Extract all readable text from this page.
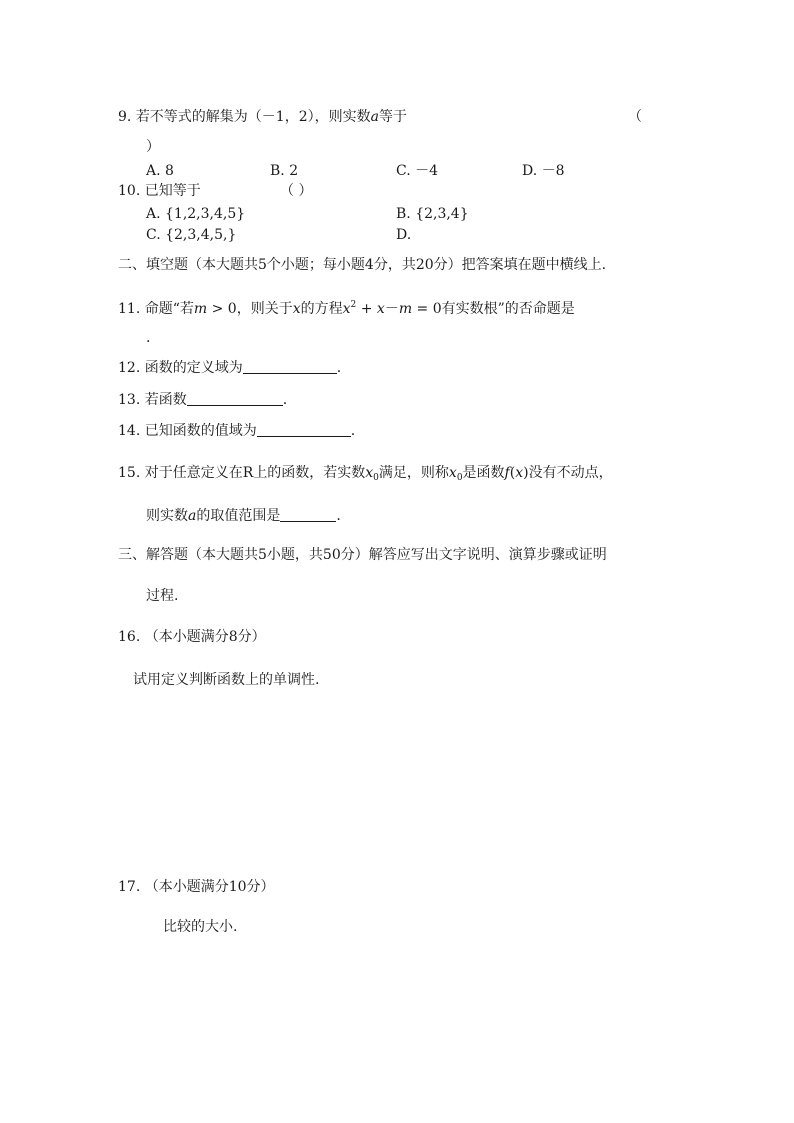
9. 若不等式的解集为（－1，2），则实数a等于	（
）
A. 8	B. 2	C. －4	D. －8
10. 已知等于	（ ）
A. {1,2,3,4,5}	B. {2,3,4}
C. {2,3,4,5,}	D.
二、填空题（本大题共5个小题；每小题4分，共20分）把答案填在题中横线上.
11. 命题“若m > 0，则关于x的方程$x^2 + x-m = 0$有实数根”的否命题是
.
12. 函数的定义域为	.
13. 若函数	.
14. 已知函数的值域为	.
15. 对于任意定义在R上的函数，若实数$x_0$满足，则称$x_0$是函数f(x)没有不动点，
则实数a的取值范围是	.
三、解答题（本大题共5小题，共50分）解答应写出文字说明、演算步骤或证明
过程.
16. （本小题满分8分）
试用定义判断函数上的单调性.
17. （本小题满分10分）
比较的大小.
